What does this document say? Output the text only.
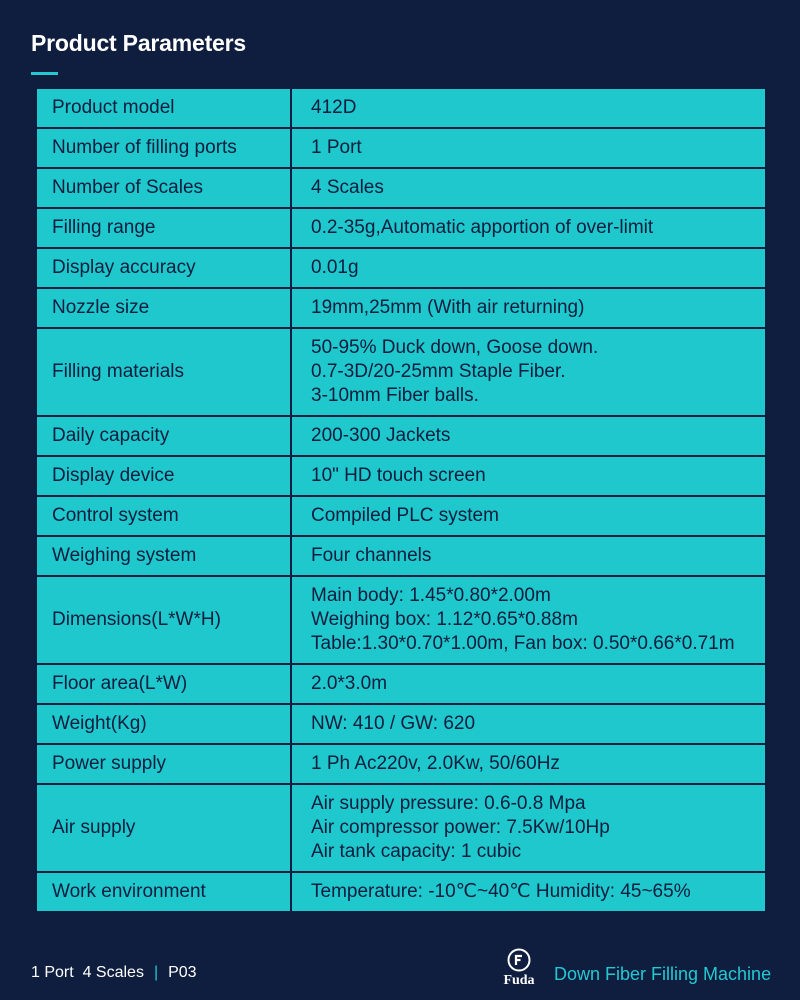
Product Parameters
Product model	412D

Number of filling ports	1 Port

Number of Scales	4 Scales

Filling range	0.2-35g,Automatic apportion of over-limit

Display accuracy	0.01g

Nozzle size	19mm,25mm (With air returning)

Filling materials	50-95% Duck down, Goose down.
0.7-3D/20-25mm Staple Fiber.
3-10mm Fiber balls.

Daily capacity	200-300 Jackets

Display device	10" HD touch screen

Control system	Compiled PLC system

Weighing system	Four channels

Dimensions(L*W*H)	Main body: 1.45*0.80*2.00m
Weighing box: 1.12*0.65*0.88m
Table:1.30*0.70*1.00m, Fan box: 0.50*0.66*0.71m

Floor area(L*W)	2.0*3.0m

Weight(Kg)	NW: 410 / GW: 620

Power supply	1 Ph Ac220v, 2.0Kw, 50/60Hz

Air supply	Air supply pressure: 0.6-0.8 Mpa
Air compressor power: 7.5Kw/10Hp
Air tank capacity: 1 cubic

Work environment	Temperature: -10℃~40℃ Humidity: 45~65%
1 Port  4 Scales | P03	Fuda Down Fiber Filling Machine
